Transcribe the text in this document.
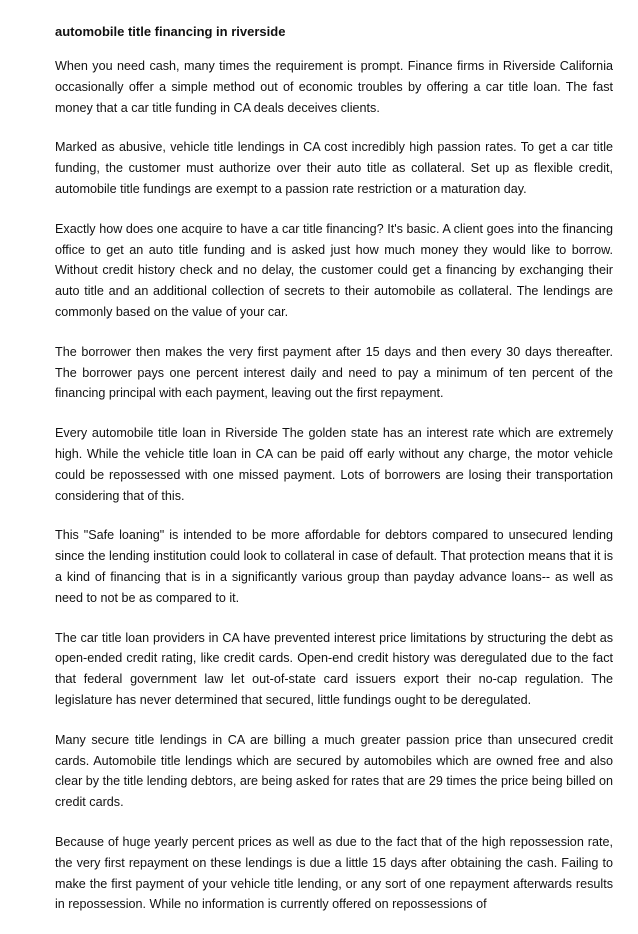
automobile title financing in riverside

When you need cash, many times the requirement is prompt. Finance firms in Riverside California occasionally offer a simple method out of economic troubles by offering a car title loan. The fast money that a car title funding in CA deals deceives clients.

Marked as abusive, vehicle title lendings in CA cost incredibly high passion rates. To get a car title funding, the customer must authorize over their auto title as collateral. Set up as flexible credit, automobile title fundings are exempt to a passion rate restriction or a maturation day.

Exactly how does one acquire to have a car title financing? It's basic. A client goes into the financing office to get an auto title funding and is asked just how much money they would like to borrow. Without credit history check and no delay, the customer could get a financing by exchanging their auto title and an additional collection of secrets to their automobile as collateral. The lendings are commonly based on the value of your car.

The borrower then makes the very first payment after 15 days and then every 30 days thereafter. The borrower pays one percent interest daily and need to pay a minimum of ten percent of the financing principal with each payment, leaving out the first repayment.

Every automobile title loan in Riverside The golden state has an interest rate which are extremely high. While the vehicle title loan in CA can be paid off early without any charge, the motor vehicle could be repossessed with one missed payment. Lots of borrowers are losing their transportation considering that of this.

This "Safe loaning" is intended to be more affordable for debtors compared to unsecured lending since the lending institution could look to collateral in case of default. That protection means that it is a kind of financing that is in a significantly various group than payday advance loans-- as well as need to not be as compared to it.

The car title loan providers in CA have prevented interest price limitations by structuring the debt as open-ended credit rating, like credit cards. Open-end credit history was deregulated due to the fact that federal government law let out-of-state card issuers export their no-cap regulation. The legislature has never determined that secured, little fundings ought to be deregulated.

Many secure title lendings in CA are billing a much greater passion price than unsecured credit cards. Automobile title lendings which are secured by automobiles which are owned free and also clear by the title lending debtors, are being asked for rates that are 29 times the price being billed on credit cards.

Because of huge yearly percent prices as well as due to the fact that of the high repossession rate, the very first repayment on these lendings is due a little 15 days after obtaining the cash. Failing to make the first payment of your vehicle title lending, or any sort of one repayment afterwards results in repossession. While no information is currently offered on repossessions of
